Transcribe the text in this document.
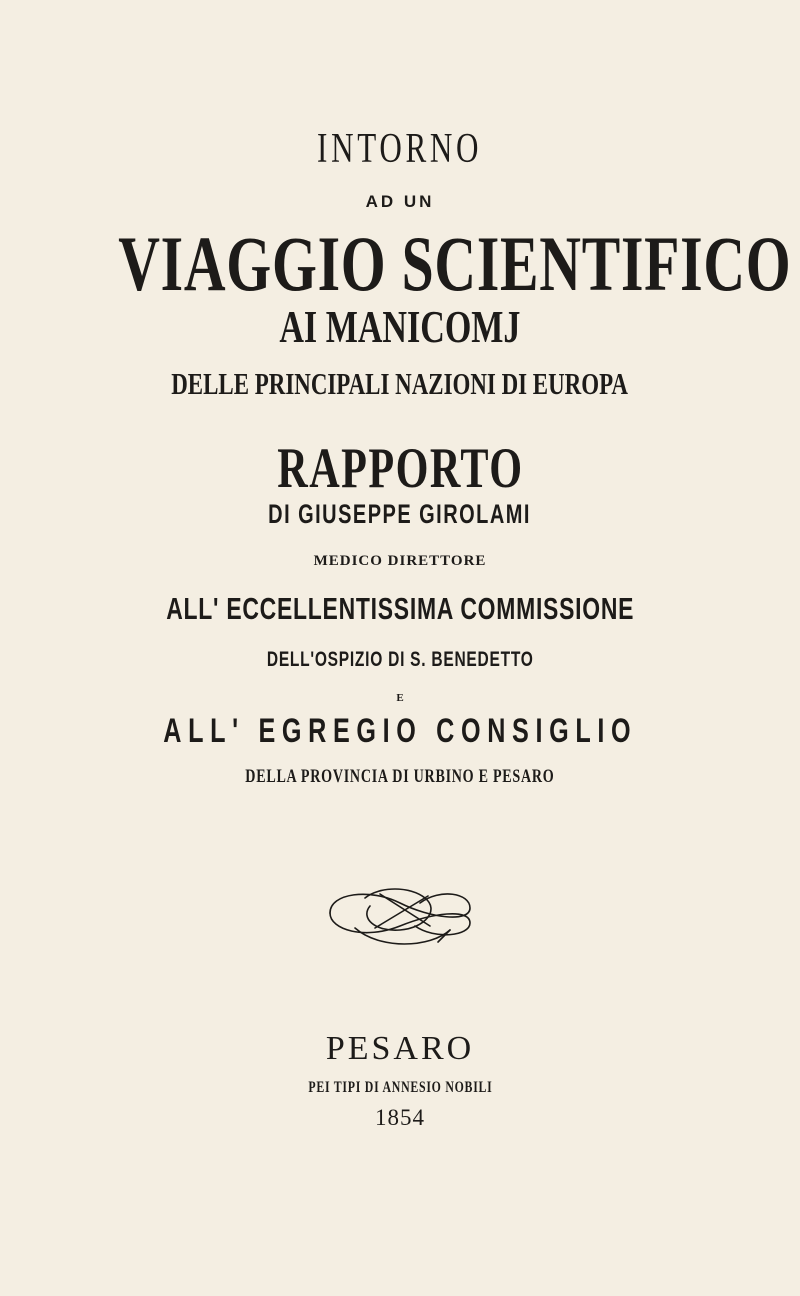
INTORNO
AD UN
VIAGGIO SCIENTIFICO
AI MANICOMJ
DELLE PRINCIPALI NAZIONI DI EUROPA
RAPPORTO
DI GIUSEPPE GIROLAMI
MEDICO DIRETTORE
ALL' ECCELLENTISSIMA COMMISSIONE
DELL'OSPIZIO DI S. BENEDETTO
E
ALL' EGREGIO CONSIGLIO
DELLA PROVINCIA DI URBINO E PESARO
PESARO
PEI TIPI DI ANNESIO NOBILI
1854
